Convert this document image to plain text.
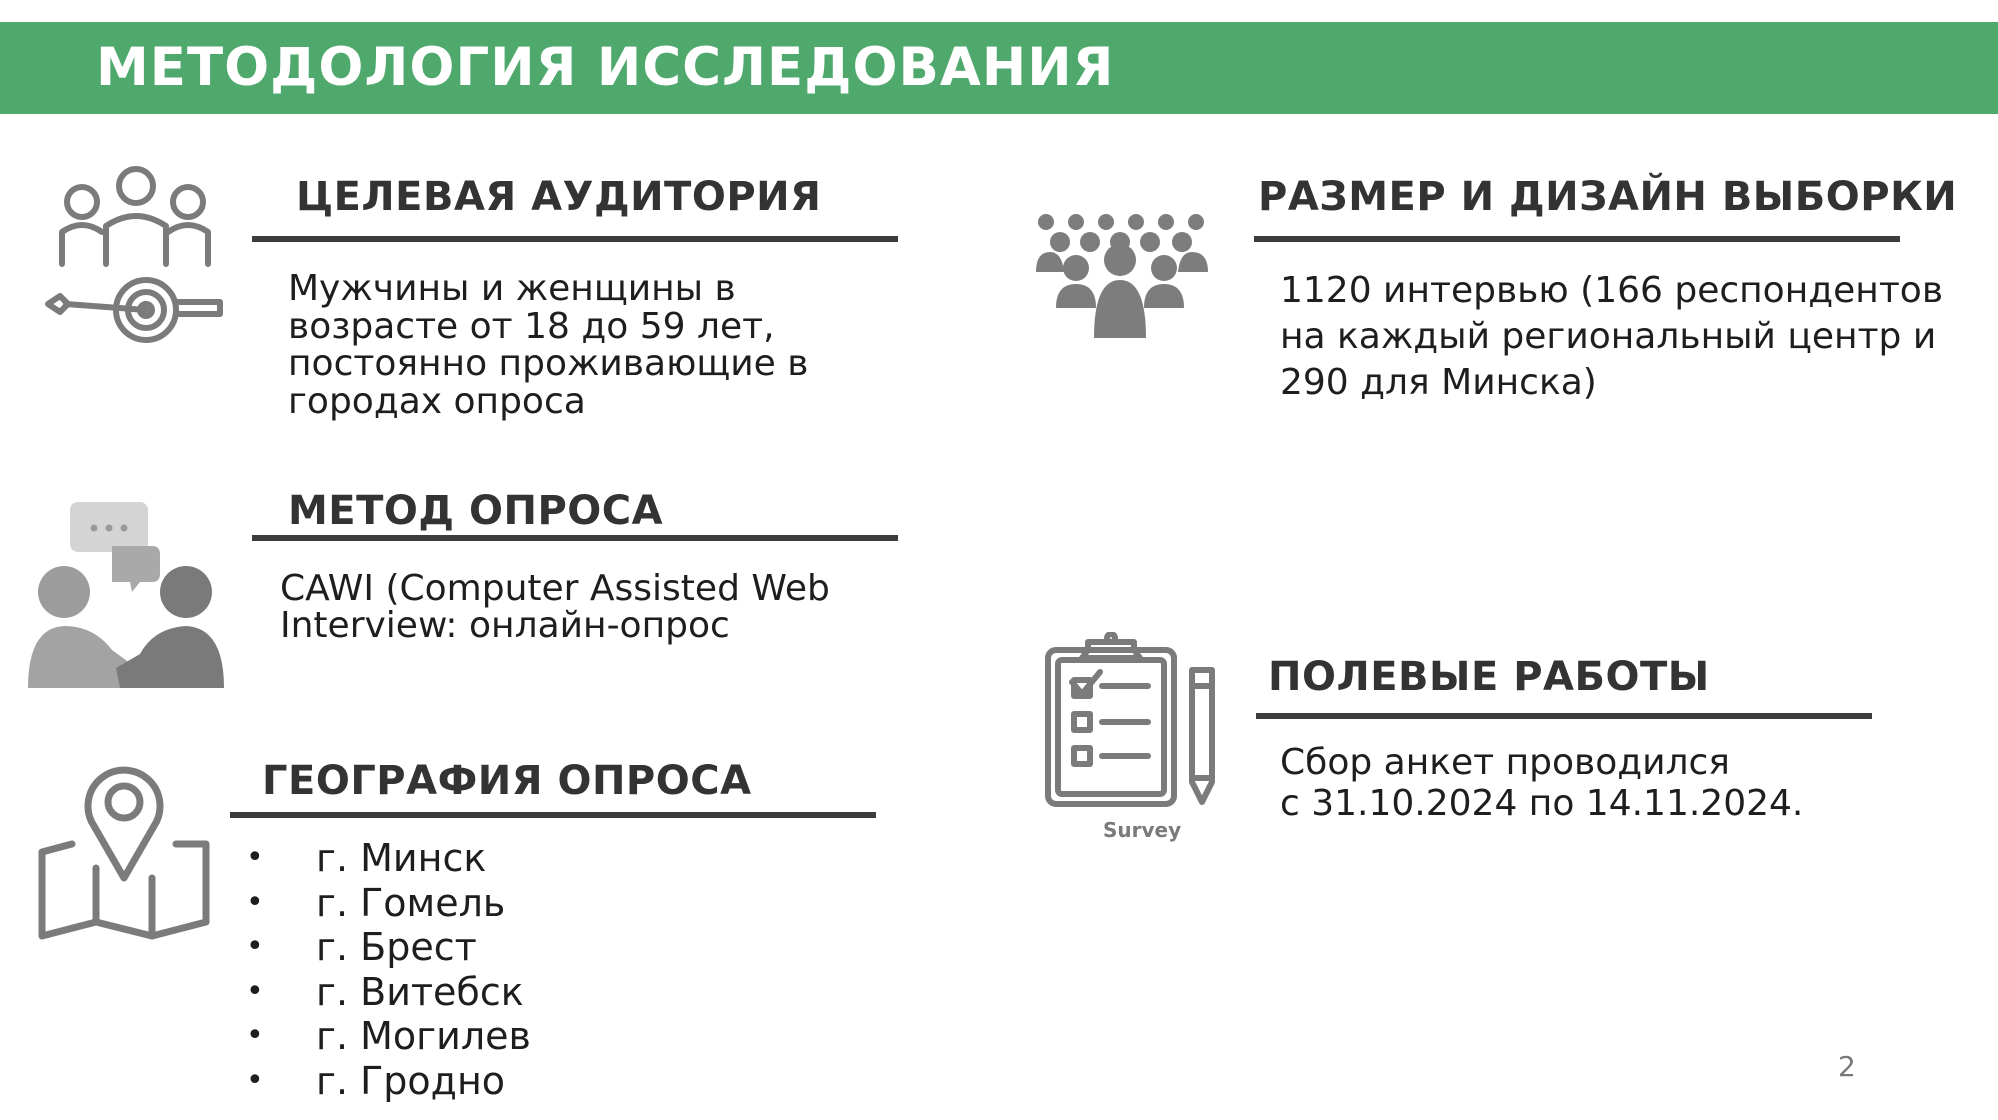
МЕТОДОЛОГИЯ ИССЛЕДОВАНИЯ
ЦЕЛЕВАЯ АУДИТОРИЯ

Мужчины и женщины в

возрасте от 18 до 59 лет,

постоянно проживающие в

городах опроса

МЕТОД ОПРОСА

CAWI (Computer Assisted Web

Interview: онлайн-опрос

ГЕОГРАФИЯ ОПРОСА
• г. Минск
• г. Гомель
• г. Брест
• г. Витебск
• г. Могилев
• г. Гродно
РАЗМЕР И ДИЗАЙН ВЫБОРКИ

1120 интервью (166 респондентов

на каждый региональный центр и

290 для Минска)

Survey
ПОЛЕВЫЕ РАБОТЫ

Сбор анкет проводился

с 31.10.2024 по 14.11.2024.

2
